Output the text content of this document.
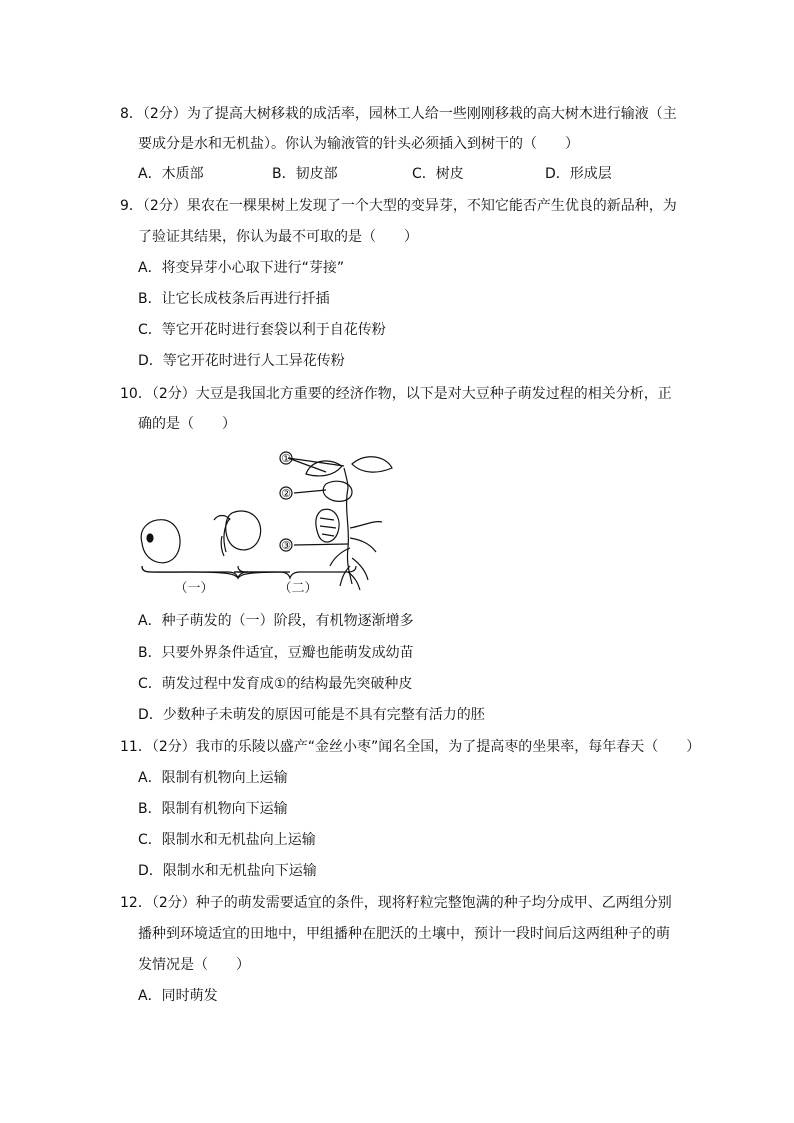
8．（2分）为了提高大树移栽的成活率，园林工人给一些刚刚移栽的高大树木进行输液（主
要成分是水和无机盐）。你认为输液管的针头必须插入到树干的（　　）
A．木质部	B．韧皮部	C．树皮	D．形成层
9．（2分）果农在一棵果树上发现了一个大型的变异芽，不知它能否产生优良的新品种，为
了验证其结果，你认为最不可取的是（　　）
A．将变异芽小心取下进行“芽接”
B．让它长成枝条后再进行扦插
C．等它开花时进行套袋以利于自花传粉
D．等它开花时进行人工异花传粉
10．（2分）大豆是我国北方重要的经济作物，以下是对大豆种子萌发过程的相关分析，正
确的是（　　）
①
②
③
（一）	（二）
A．种子萌发的（一）阶段，有机物逐渐增多
B．只要外界条件适宜，豆瓣也能萌发成幼苗
C．萌发过程中发育成①的结构最先突破种皮
D．少数种子未萌发的原因可能是不具有完整有活力的胚
11．（2分）我市的乐陵以盛产“金丝小枣”闻名全国，为了提高枣的坐果率，每年春天（　　）
A．限制有机物向上运输
B．限制有机物向下运输
C．限制水和无机盐向上运输
D．限制水和无机盐向下运输
12．（2分）种子的萌发需要适宜的条件，现将籽粒完整饱满的种子均分成甲、乙两组分别
播种到环境适宜的田地中，甲组播种在肥沃的土壤中，预计一段时间后这两组种子的萌
发情况是（　　）
A．同时萌发
